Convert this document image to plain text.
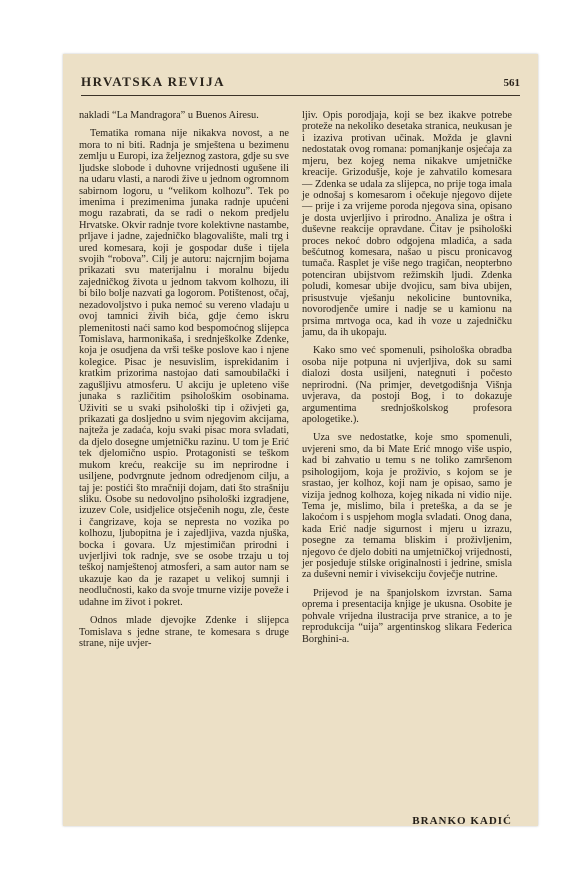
HRVATSKA REVIJA	561

nakladi “La Mandragora” u Buenos Airesu.

Tematika romana nije nikakva novost, a ne mora to ni biti. Radnja je smještena u bezimenu zemlju u Europi, iza željeznog zastora, gdje su sve ljudske slobode i duhovne vrijednosti ugušene ili na udaru vlasti, a narodi žive u jednom ogromnom sabirnom logoru, u “velikom kolhozu”. Tek po imenima i prezimenima junaka radnje upućeni mogu razabrati, da se radi o nekom predjelu Hrvatske. Okvir radnje tvore kolektivne nastambe, prljave i jadne, zajedničko blagovalište, mali trg i ured komesara, koji je gospodar duše i tijela svojih “robova”. Cilj je autoru: najcrnjim bojama prikazati svu materijalnu i moralnu bijedu zajedničkog života u jednom takvom kolhozu, ili bi bilo bolje nazvati ga logorom. Potištenost, očaj, nezadovoljstvo i puka nemoć su vereno vladaju u ovoj tamnici živih bića, gdje ćemo iskru plemenitosti naći samo kod bespomoćnog slijepca Tomislava, harmonikaša, i srednješkolke Zdenke, koja je osudjena da vrši teške poslove kao i njene kolegice. Pisac je nesuvislim, isprekidanim i kratkim prizorima nastojao dati samoubilački i zagušljivu atmosferu. U akciju je upleteno više junaka s različitim psihološkim osobinama. Uživiti se u svaki psihološki tip i oživjeti ga, prikazati ga dosljedno u svim njegovim akcijama, najteža je zadaća, koju svaki pisac mora svladati, da djelo dosegne umjetničku razinu. U tom je Erić tek djelomično uspio. Protagonisti se teškom mukom kreću, reakcije su im neprirodne i usiljene, podvrgnute jednom odredjenom cilju, a taj je: postići što mračniji dojam, dati što strašniju sliku. Osobe su nedovoljno psihološki izgradjene, izuzev Cole, usidjelice otsječenih nogu, zle, česte i čangrizave, koja se nepresta no vozika po kolhozu, ljubopitna je i zajedljiva, vazda njuška, bocka i govara. Uz mjestimičan prirodni i uvjerljivi tok radnje, sve se osobe trzaju u toj teškoj namještenoj atmosferi, a sam autor nam se ukazuje kao da je razapet u velikoj sumnji i neodlučnosti, kako da svoje tmurne vizije poveže i udahne im život i pokret.

Odnos mlade djevojke Zdenke i slijepca Tomislava s jedne strane, te komesara s druge strane, nije uvjer-

ljiv. Opis porodjaja, koji se bez ikakve potrebe proteže na nekoliko desetaka stranica, neukusan je i izaziva protivan učinak. Možda je glavni nedostatak ovog romana: pomanjkanje osjećaja za mjeru, bez kojeg nema nikakve umjetničke kreacije. Grizodušje, koje je zahvatilo komesara — Zdenka se udala za slijepca, no prije toga imala je odnošaj s komesarom i očekuje njegovo dijete — prije i za vrijeme poroda njegova sina, opisano je dosta uvjerljivo i prirodno. Analiza je oštra i duševne reakcije opravdane. Čitav je psihološki proces nekoć dobro odgojena mladića, a sada bešćutnog komesara, našao u piscu pronicavog tumača. Rasplet je više nego tragičan, neopterbno potenciran ubijstvom režimskih ljudi. Zdenka poludi, komesar ubije dvojicu, sam biva ubijen, prisustvuje vješanju nekolicine buntovnika, novorodjenče umire i nadje se u kamionu na prsima mrtvoga oca, kad ih voze u zajedničku jamu, da ih ukopaju.

Kako smo već spomenuli, psihološka obradba osoba nije potpuna ni uvjerljiva, dok su sami dialozi dosta usiljeni, nategnuti i počesto neprirodni. (Na primjer, devetgodišnja Višnja uvjerava, da postoji Bog, i to dokazuje argumentima srednjoškolskog profesora apologetike.).

Uza sve nedostatke, koje smo spomenuli, uvjereni smo, da bi Mate Erić mnogo više uspio, kad bi zahvatio u temu s ne toliko zamršenom psihologijom, koja je proživio, s kojom se je srastao, jer kolhoz, koji nam je opisao, samo je vizija jednog kolhoza, kojeg nikada ni vidio nije. Tema je, mislimo, bila i preteška, a da se je lakoćom i s uspjehom mogla svladati. Onog dana, kada Erić nadje sigurnost i mjeru u izrazu, posegne za temama bliskim i proživljenim, njegovo će djelo dobiti na umjetničkoj vrijednosti, jer posjeduje stilske originalnosti i jedrine, smisla za duševni nemir i vivisekciju čovječje nutrine.

Prijevod je na španjolskom izvrstan. Sama oprema i presentacija knjige je ukusna. Osobite je pohvale vrijedna ilustracija prve stranice, a to je reprodukcija “uija” argentinskog slikara Federica Borghini-a.

BRANKO KADIĆ
